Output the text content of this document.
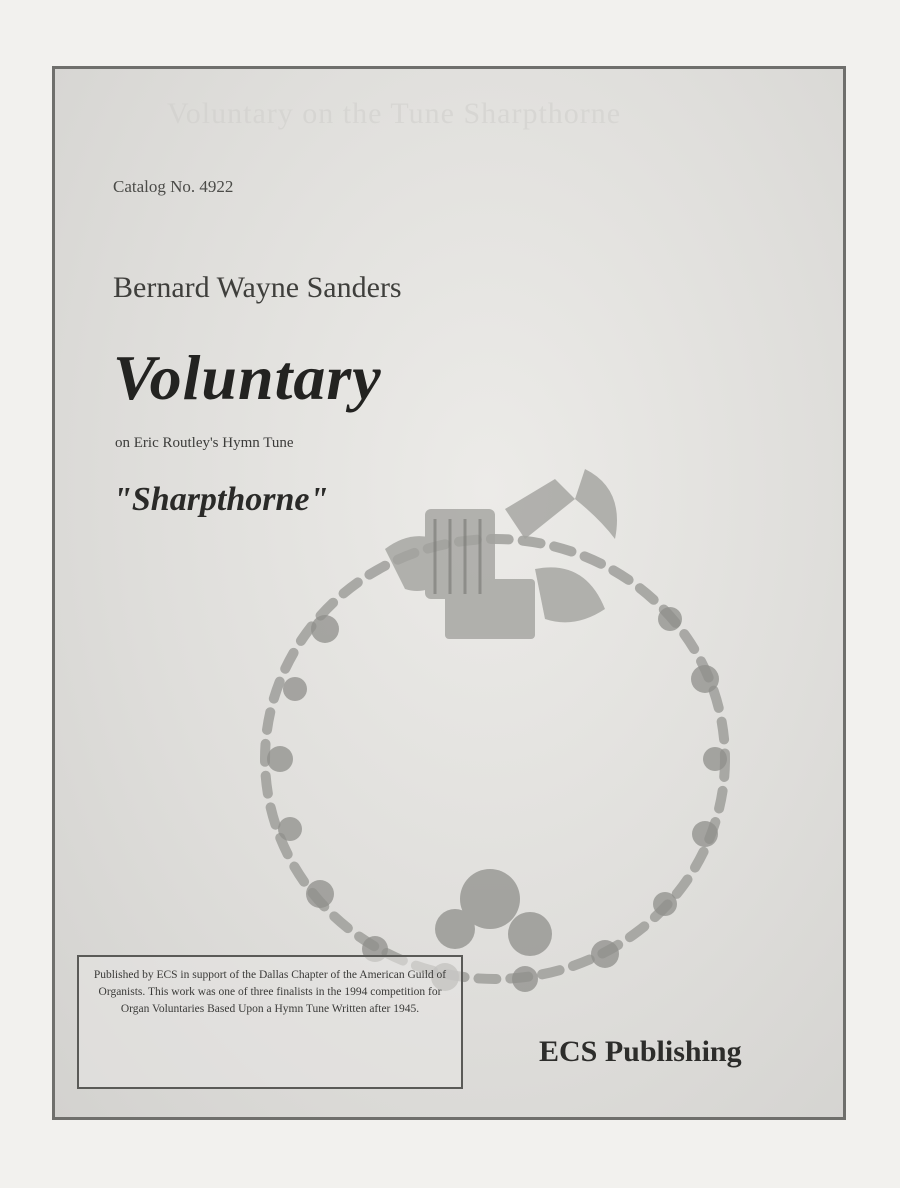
Voluntary on the Tune Sharpthorne
Catalog No. 4922
Bernard Wayne Sanders
Voluntary
on Eric Routley's Hymn Tune
"Sharpthorne"
Published by ECS in support of the Dallas Chapter of the American Guild of Organists. This work was one of three finalists in the 1994 competition for Organ Voluntaries Based Upon a Hymn Tune Written after 1945.
ECS Publishing
